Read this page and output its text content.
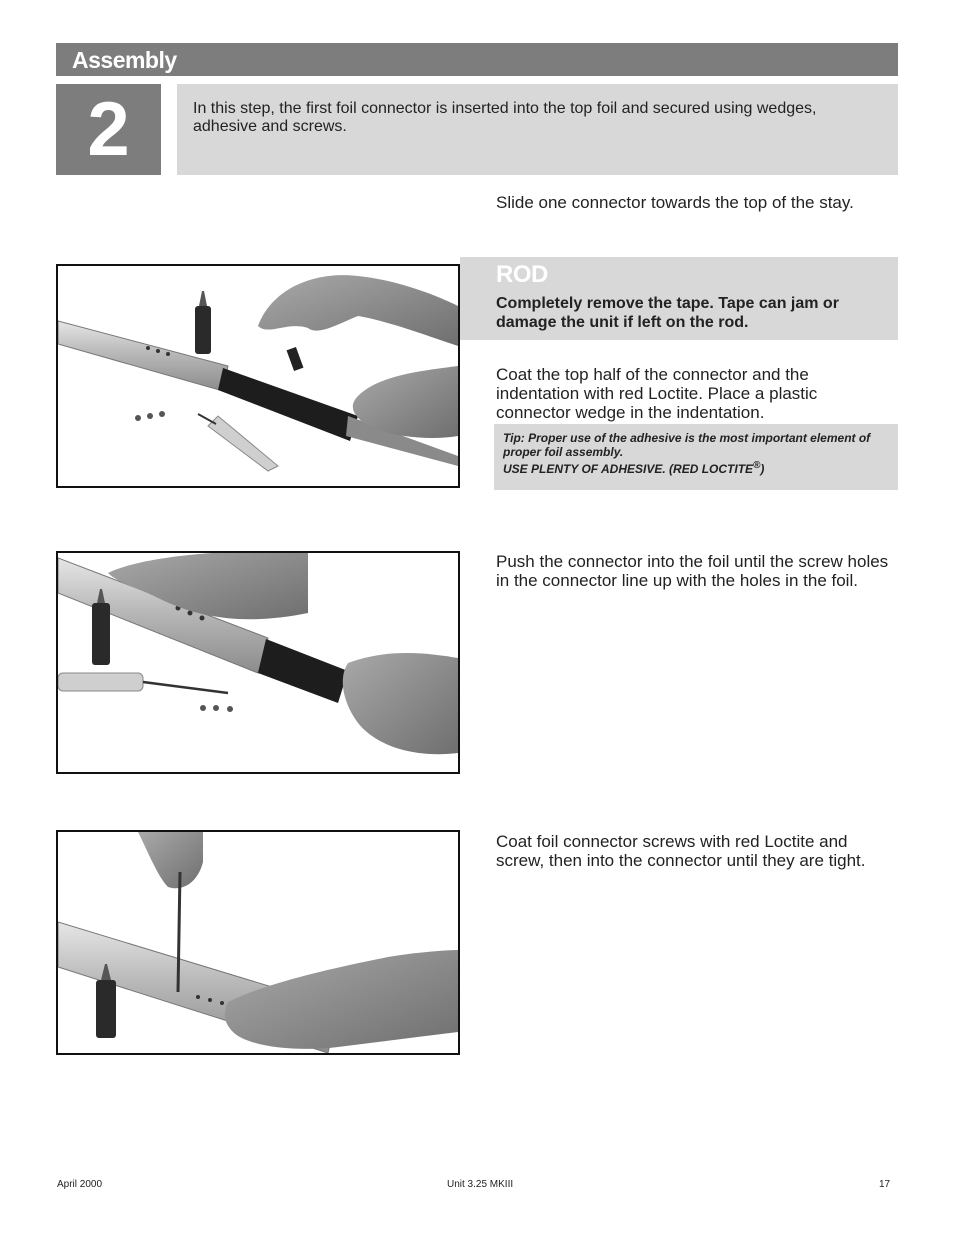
Assembly
2	In this step, the first foil connector is inserted into the top foil and secured using wedges, adhesive and screws.

Slide one connector towards the top of the stay.
ROD
Completely remove the tape. Tape can jam or damage the unit if left on the rod.
Coat the top half of the connector and the indentation with red Loctite. Place a plastic connector wedge in the indentation.
Tip: Proper use of the adhesive is the most important element of proper foil assembly.
USE PLENTY OF ADHESIVE. (RED LOCTITE®)
Push the connector into the foil until the screw holes in the connector line up with the holes in the foil.
Coat foil connector screws with red Loctite and screw, then into the connector until they are tight.
April 2000	Unit 3.25 MKIII	17
